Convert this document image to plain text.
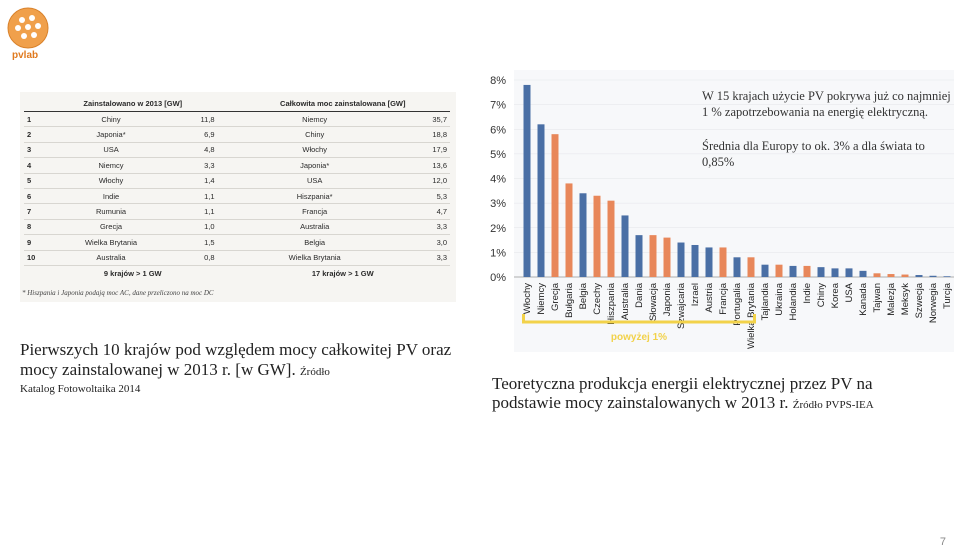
pvlab
	Zainstalowano w 2013 [GW]			Całkowita moc zainstalowana [GW]	
1	Chiny	11,8		Niemcy	35,7
2	Japonia*	6,9		Chiny	18,8
3	USA	4,8		Włochy	17,9
4	Niemcy	3,3		Japonia*	13,6
5	Włochy	1,4		USA	12,0
6	Indie	1,1		Hiszpania*	5,3
7	Rumunia	1,1		Francja	4,7
8	Grecja	1,0		Australia	3,3
9	Wielka Brytania	1,5		Belgia	3,0
10	Australia	0,8		Wielka Brytania	3,3
	9 krajów > 1 GW			17 krajów > 1 GW	
* Hiszpania i Japonia podają moc AC, dane przeliczono na moc DC
Pierwszych 10 krajów pod względem mocy całkowitej PV oraz mocy zainstalowanej w 2013 r. [w GW]. Źródło
Katalog Fotowoltaika 2014
0%
1%
2%
3%
4%
5%
6%
7%
8%
Włochy Niemcy Grecja Bułgaria Belgia Czechy Hiszpania Australia Dania Słowacja Japonia Szwajcaria Izrael Austria Francja Portugalia Wielka Brytania Tajlandia Ukraina Holandia Indie Chiny Korea USA Kanada Tajwan Malezja Meksyk Szwecja Norwegia Turcja
powyżej 1%
W 15 krajach użycie PV pokrywa już co najmniej 1 % zapotrzebowania na energię elektryczną.
Średnia dla Europy to ok. 3% a dla świata to 0,85%
Teoretyczna produkcja energii elektrycznej przez PV na podstawie mocy zainstalowanych w 2013 r. Źródło PVPS-IEA
7
